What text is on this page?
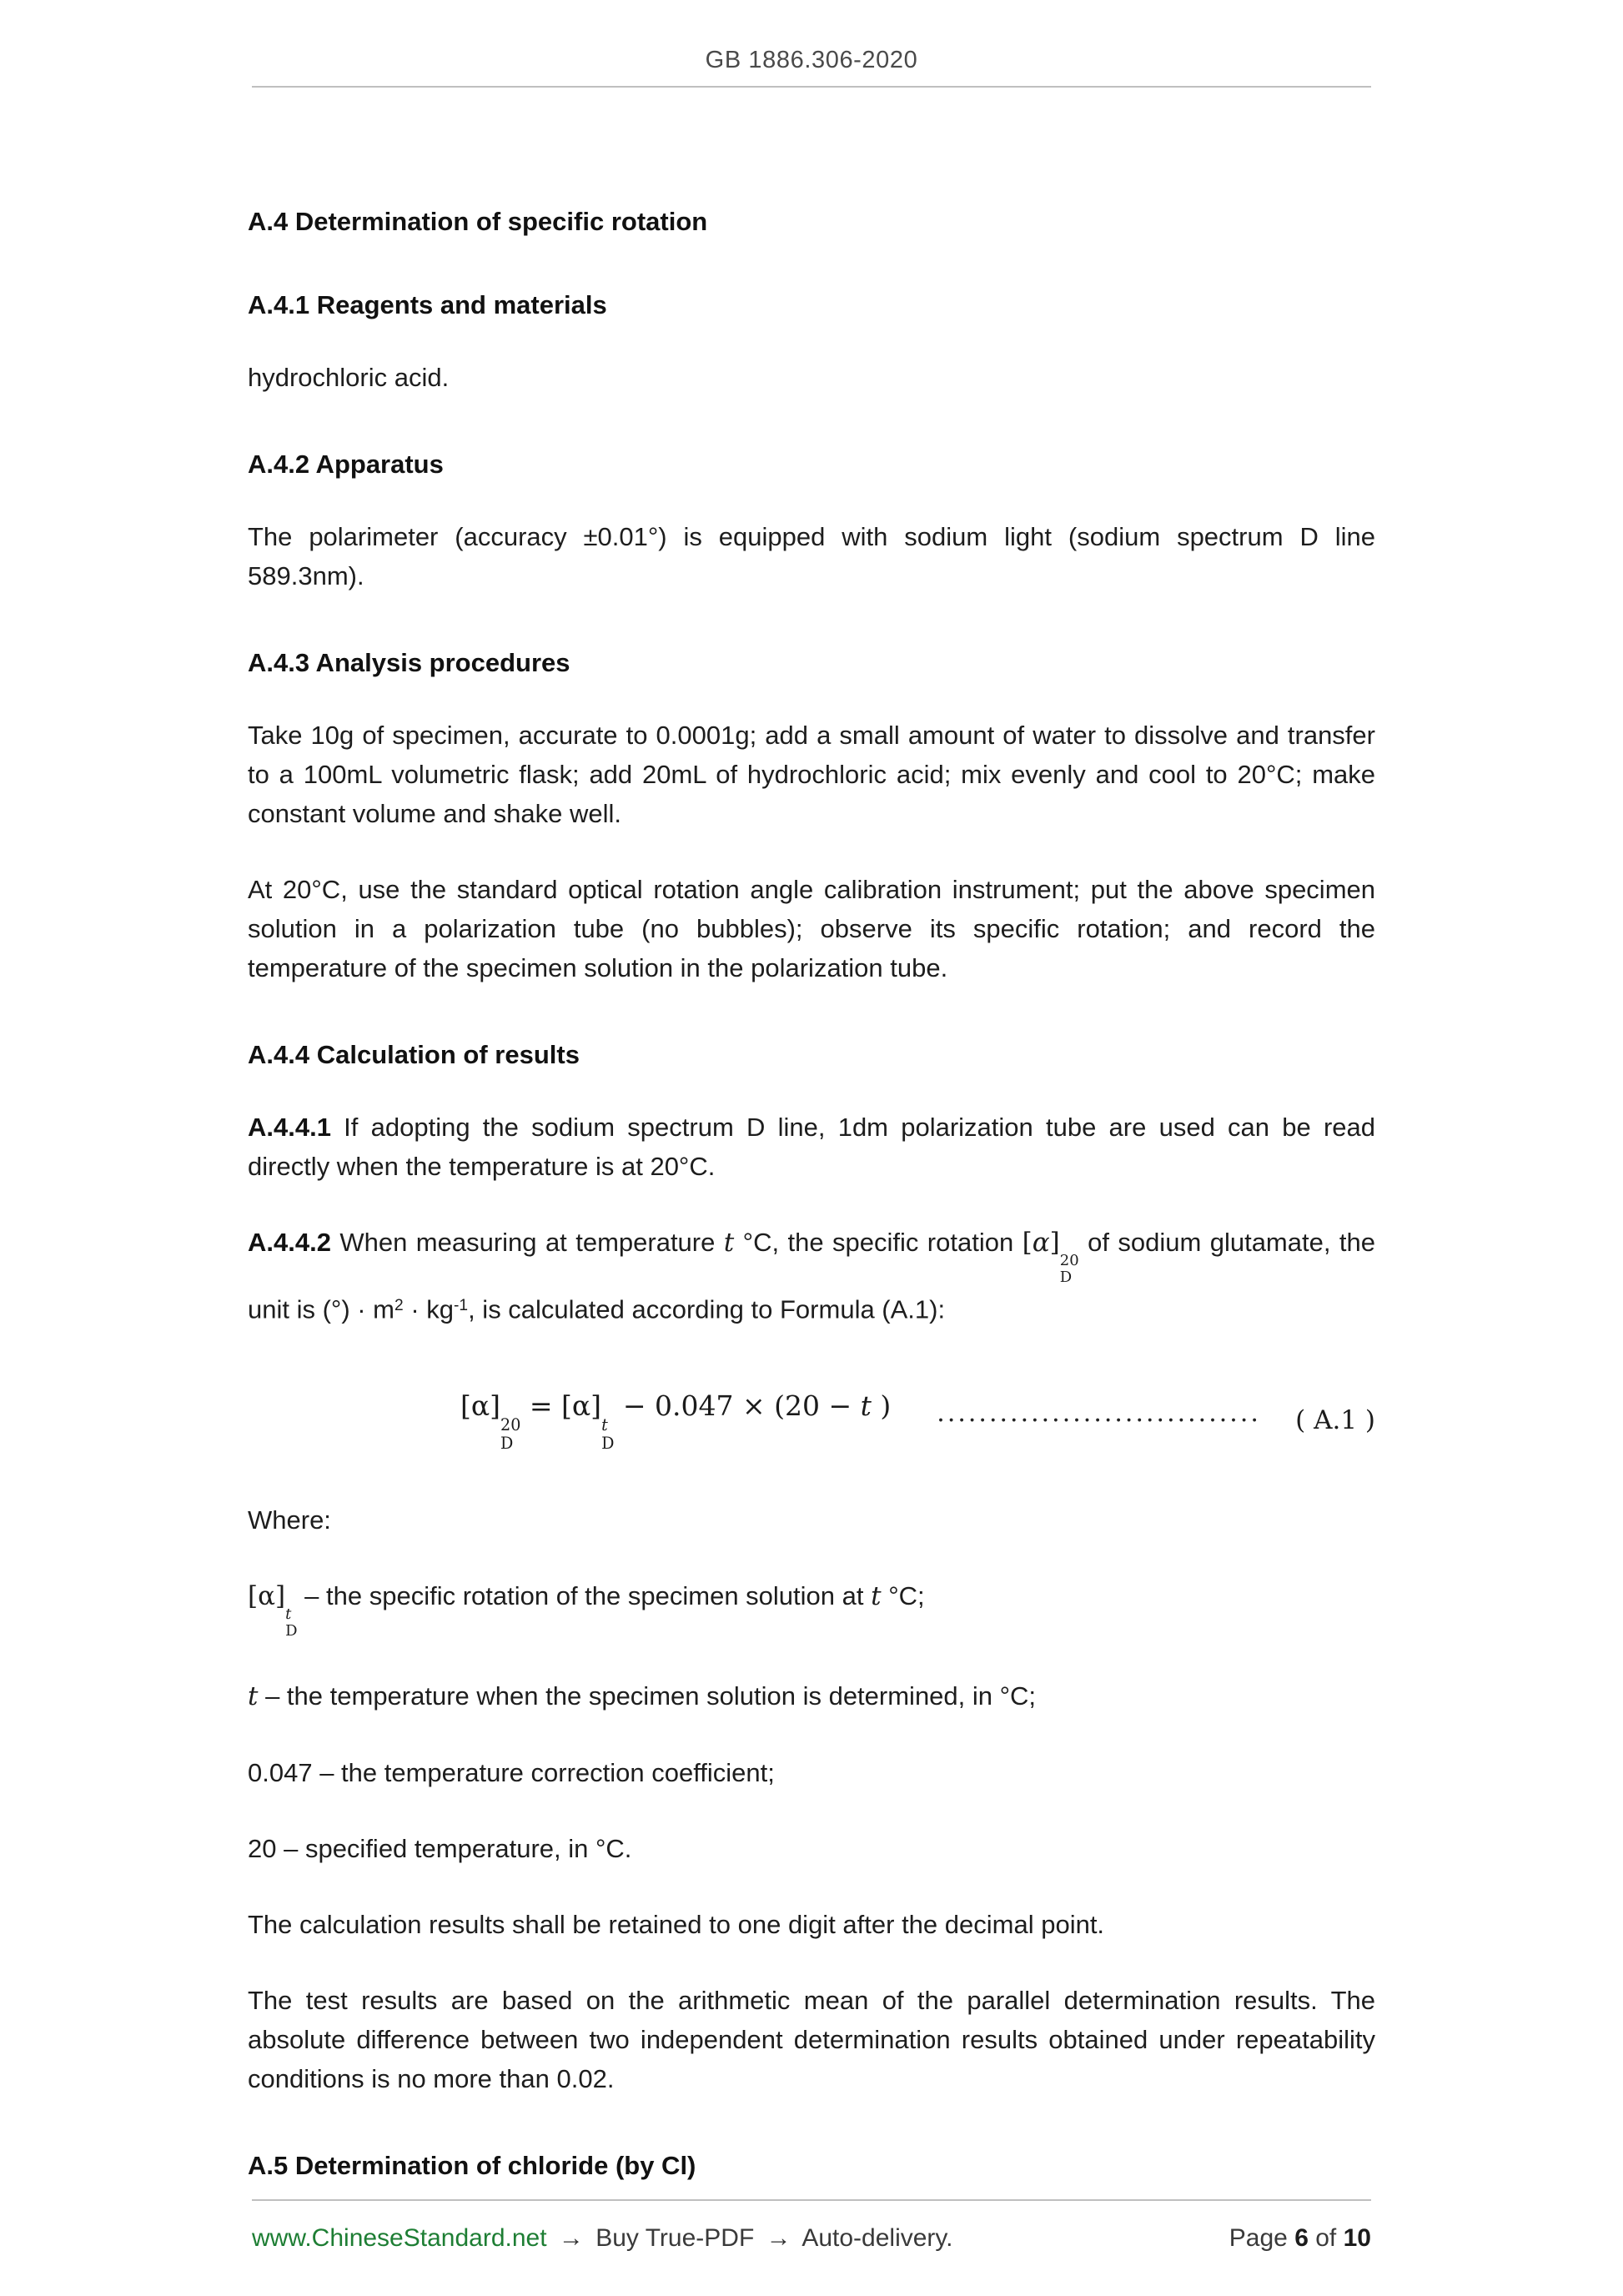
GB 1886.306-2020
A.4 Determination of specific rotation
A.4.1 Reagents and materials

hydrochloric acid.

A.4.2 Apparatus

The polarimeter (accuracy ±0.01°) is equipped with sodium light (sodium spectrum D line 589.3nm).

A.4.3 Analysis procedures

Take 10g of specimen, accurate to 0.0001g; add a small amount of water to dissolve and transfer to a 100mL volumetric flask; add 20mL of hydrochloric acid; mix evenly and cool to 20°C; make constant volume and shake well.

At 20°C, use the standard optical rotation angle calibration instrument; put the above specimen solution in a polarization tube (no bubbles); observe its specific rotation; and record the temperature of the specimen solution in the polarization tube.

A.4.4 Calculation of results

A.4.4.1 If adopting the sodium spectrum D line, 1dm polarization tube are used can be read directly when the temperature is at 20°C.

A.4.4.2 When measuring at temperature t °C, the specific rotation [α]
20
D
of sodium glutamate, the unit is (°) · $m^2 \cdot kg^{-1}$, is calculated according to Formula (A.1):

[α]
20
D
= [α]
t
D
− 0.047 × (20 − t ) ·······························	( A.1 )

Where:

[α]
t
D
– the specific rotation of the specimen solution at t °C;

t – the temperature when the specimen solution is determined, in °C;

0.047 – the temperature correction coefficient;

20 – specified temperature, in °C.

The calculation results shall be retained to one digit after the decimal point.

The test results are based on the arithmetic mean of the parallel determination results. The absolute difference between two independent determination results obtained under repeatability conditions is no more than 0.02.

A.5 Determination of chloride (by Cl)
www.ChineseStandard.net → Buy True-PDF → Auto-delivery.	Page 6 of 10
